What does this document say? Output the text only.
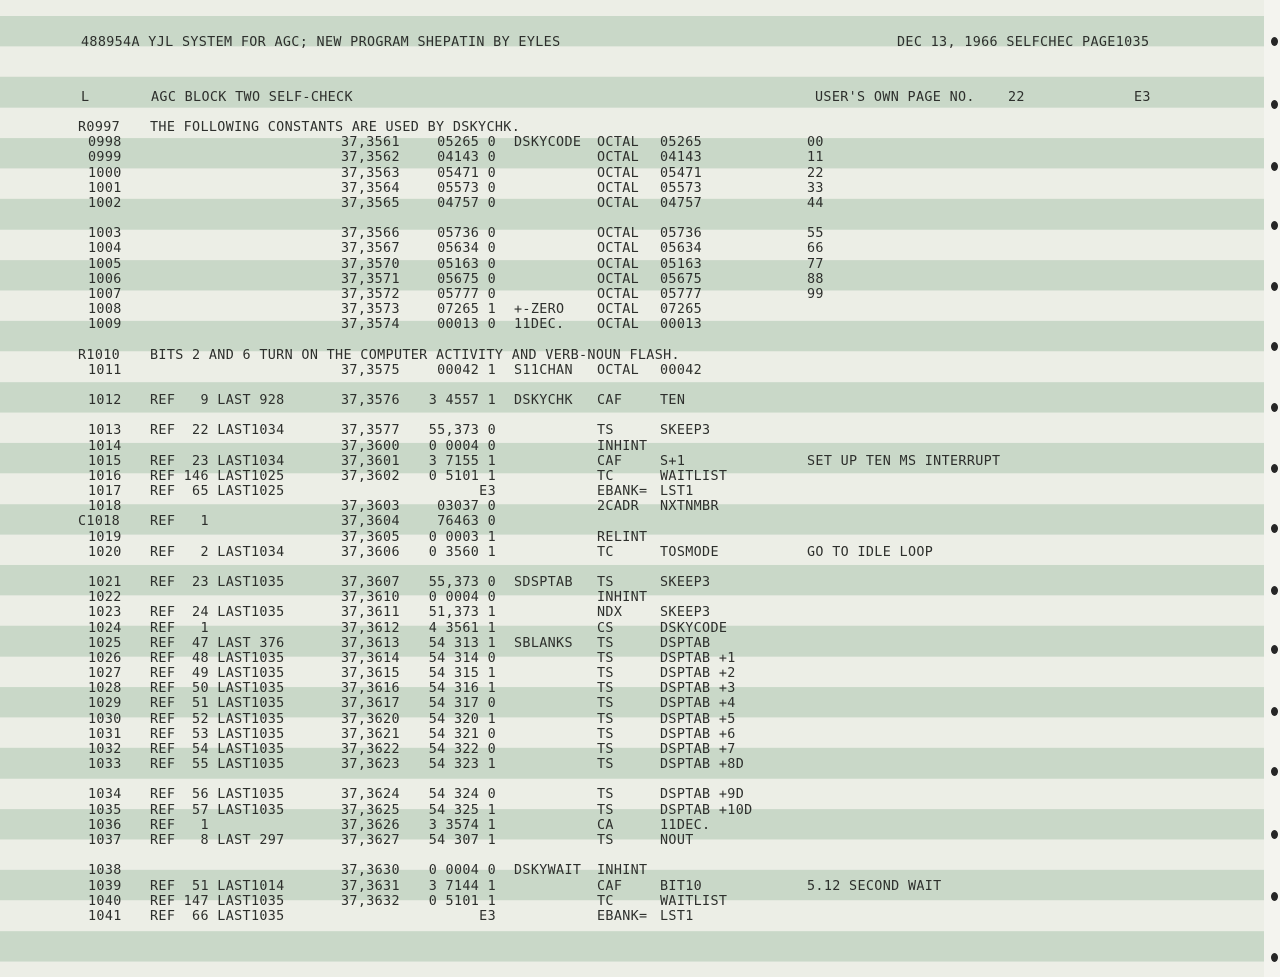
488954A YJL SYSTEM FOR AGC; NEW PROGRAM SHEPATIN BY EYLES	DEC 13, 1966 SELFCHEC PAGE1035
L	AGC BLOCK TWO SELF-CHECK	USER'S OWN PAGE NO. 22	E3
R0997 THE FOLLOWING CONSTANTS ARE USED BY DSKYCHK.
0998	37,3561	05265 0 DSKYCODE OCTAL 05265	00
0999	37,3562	04143 0	OCTAL 04143	11
1000	37,3563	05471 0	OCTAL 05471	22
1001	37,3564	05573 0	OCTAL 05573	33
1002	37,3565	04757 0	OCTAL 04757	44
1003	37,3566	05736 0	OCTAL 05736	55
1004	37,3567	05634 0	OCTAL 05634	66
1005	37,3570	05163 0	OCTAL 05163	77
1006	37,3571	05675 0	OCTAL 05675	88
1007	37,3572	05777 0	OCTAL 05777	99
1008	37,3573	07265 1 +-ZERO OCTAL 07265
1009	37,3574	00013 0 11DEC. OCTAL 00013
R1010 BITS 2 AND 6 TURN ON THE COMPUTER ACTIVITY AND VERB-NOUN FLASH.
1011	37,3575	00042 1 S11CHAN OCTAL 00042
1012 REF   9 LAST 928	37,3576 3 4557 1 DSKYCHK CAF	TEN
1013 REF  22 LAST1034	37,3577 55,373 0	TS	SKEEP3
1014	37,3600 0 0004 0	INHINT
1015 REF  23 LAST1034	37,3601 3 7155 1	CAF	S+1	SET UP TEN MS INTERRUPT
1016 REF 146 LAST1025	37,3602 0 5101 1	TC	WAITLIST
1017 REF  65 LAST1025	E3	EBANK= LST1
1018	37,3603	03037 0	2CADR NXTNMBR
C1018 REF   1	37,3604	76463 0
1019	37,3605 0 0003 1	RELINT
1020 REF   2 LAST1034	37,3606 0 3560 1	TC	TOSMODE	GO TO IDLE LOOP
1021 REF  23 LAST1035	37,3607 55,373 0 SDSPTAB TS	SKEEP3
1022	37,3610 0 0004 0	INHINT
1023 REF  24 LAST1035	37,3611 51,373 1	NDX	SKEEP3
1024 REF   1	37,3612 4 3561 1	CS	DSKYCODE
1025 REF  47 LAST 376	37,3613 54 313 1 SBLANKS TS	DSPTAB
1026 REF  48 LAST1035	37,3614 54 314 0	TS	DSPTAB +1
1027 REF  49 LAST1035	37,3615 54 315 1	TS	DSPTAB +2
1028 REF  50 LAST1035	37,3616 54 316 1	TS	DSPTAB +3
1029 REF  51 LAST1035	37,3617 54 317 0	TS	DSPTAB +4
1030 REF  52 LAST1035	37,3620 54 320 1	TS	DSPTAB +5
1031 REF  53 LAST1035	37,3621 54 321 0	TS	DSPTAB +6
1032 REF  54 LAST1035	37,3622 54 322 0	TS	DSPTAB +7
1033 REF  55 LAST1035	37,3623 54 323 1	TS	DSPTAB +8D
1034 REF  56 LAST1035	37,3624 54 324 0	TS	DSPTAB +9D
1035 REF  57 LAST1035	37,3625 54 325 1	TS	DSPTAB +10D
1036 REF   1	37,3626 3 3574 1	CA	11DEC.
1037 REF   8 LAST 297	37,3627 54 307 1	TS	NOUT
1038	37,3630 0 0004 0 DSKYWAIT INHINT
1039 REF  51 LAST1014	37,3631 3 7144 1	CAF	BIT10	5.12 SECOND WAIT
1040 REF 147 LAST1035	37,3632 0 5101 1	TC	WAITLIST
1041 REF  66 LAST1035	E3	EBANK= LST1
